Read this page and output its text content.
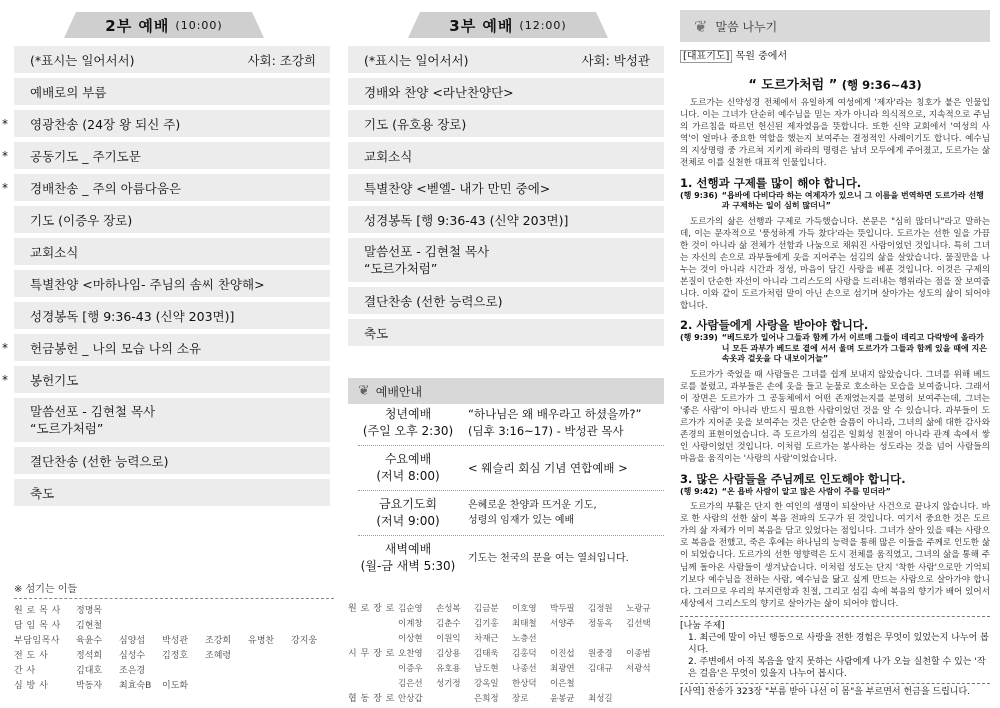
2부 예배 (10:00)
(*표시는 일어서서)	사회: 조강희
예배로의 부름
* 영광찬송 (24장 왕 되신 주)
* 공동기도 _ 주기도문
* 경배찬송 _ 주의 아름다움은
기도 (이증우 장로)
교회소식
특별찬양 <마하나임- 주님의 솜씨 찬양해>
성경봉독 [행 9:36-43 (신약 203면)]
* 헌금봉헌 _ 나의 모습 나의 소유
* 봉헌기도
말씀선포 - 김현철 목사
“도르가처럼”
결단찬송 (선한 능력으로)
축도
※ 섬기는 이들
원 로 목 사	정명목
담 임 목 사	김현철
부담임목사	육윤수	심양섭	박성관	조강희	유병찬	강지웅
전 도 사	정석희	심성수	김정호	조혜령
간 사	김대호	조은경
심 방 사	박동자	최효숙B	이도화
3부 예배 (12:00)
(*표시는 일어서서)	사회: 박성관
경배와 찬양 <라난찬양단>
기도 (유호용 장로)
교회소식
특별찬양 <벧엘- 내가 만민 중에>
성경봉독 [행 9:36-43 (신약 203면)]
말씀선포 - 김현철 목사
“도르가처럼”
결단찬송 (선한 능력으로)
축도
❦ 예배안내
청년예배
(주일 오후 2:30)
“하나님은 왜 배우라고 하셨을까?”
(딤후 3:16~17) - 박성관 목사
수요예배
(저녁 8:00)
< 웨슬리 회심 기념 연합예배 >
금요기도회
(저녁 9:00)
은혜로운 찬양과 뜨거운 기도,
성령의 임재가 있는 예배
새벽예배
(월-금 새벽 5:30)
기도는 천국의 문을 여는 열쇠입니다.
원 로 장 로 김순영	손성복	김금분	이호영	박두필	김정원	노광규
이계창	김춘수	김기홍	최태철	서양주	정동옥	김선택
이상현	이원익	차재근	노층선
시 무 장 로 오찬영	김상용	김태욱	김홍덕	이진섭	원중경	이종범
이증우	유호용	남도현	나종선	최광연	김대규	서광석
김은선	성기정	강옥일	한상덕	이은철
협 동 장 로 안상갑	은희정	장로	윤봉균	최성길
❦ 말씀 나누기
[대표기도] 목원 중에서
“ 도르가처럼 ” (행 9:36~43)
도르가는 신약성경 전체에서 유일하게 여성에게 '제자'라는 칭호가 붙은 인물입니다. 이는 그녀가 단순히 예수님을 믿는 자가 아니라 의식적으로, 지속적으로 주님의 가르침을 따르던 헌신된 제자였음을 뜻합니다. 또한 신약 교회에서 '여성의 사역'이 얼마나 중요한 역할을 했는지 보여주는 결정적인 사례이기도 합니다. 예수님의 지상명령 중 가르쳐 지키게 하라의 명령은 남녀 모두에게 주어졌고, 도르가는 삶 전체로 이를 실천한 대표적 인물입니다.
1. 선행과 구제를 많이 해야 합니다.
(행 9:36) “욥바에 다비다라 하는 여제자가 있으니 그 이름을 번역하면 도르가라 선행과 구제하는 일이 심히 많더니”
도르가의 삶은 선행과 구제로 가득했습니다. 본문은 "심히 많더니"라고 말하는데, 이는 문자적으로 '풍성하게 가득 찼다'라는 뜻입니다. 도르가는 선한 일을 가끔 한 것이 아니라 삶 전체가 선함과 나눔으로 채워진 사람이었던 것입니다. 특히 그녀는 자신의 손으로 과부들에게 옷을 지어주는 섬김의 삶을 살았습니다. 물질만을 나누는 것이 아니라 시간과 정성, 마음이 담긴 사랑을 베푼 것입니다. 이것은 구제의 본질이 단순한 자선이 아니라 그리스도의 사랑을 드러내는 행위라는 점을 잘 보여줍니다. 이와 같이 도르가처럼 말이 아닌 손으로 섬기며 살아가는 성도의 삶이 되어야 합니다.
2. 사람들에게 사랑을 받아야 합니다.
(행 9:39) “베드로가 일어나 그들과 함께 가서 이르매 그들이 데리고 다락방에 올라가니 모든 과부가 베드로 곁에 서서 울며 도르가가 그들과 함께 있을 때에 지은 속옷과 겉옷을 다 내보이거늘”
도르가가 죽었을 때 사람들은 그녀를 쉽게 보내지 않았습니다. 그녀를 위해 베드로를 불렀고, 과부들은 손에 옷을 들고 눈물로 호소하는 모습을 보여줍니다. 그래서 이 장면은 도르가가 그 공동체에서 어떤 존재였는지를 분명히 보여주는데, 그녀는 '좋은 사람'이 아니라 반드시 필요한 사람이었던 것을 알 수 있습니다. 과부들이 도르가가 지어준 옷을 보여주는 것은 단순한 슬픔이 아니라, 그녀의 삶에 대한 감사와 존경의 표현이었습니다. 즉 도르가의 섬김은 일회성 친절이 아니라 관계 속에서 쌓인 사랑이었던 것입니다. 이처럼 도르가는 봉사하는 성도라는 것을 넘어 사람들의 마음을 움직이는 '사랑의 사람'이었습니다.
3. 많은 사람들을 주님께로 인도해야 합니다.
(행 9:42) “온 욥바 사람이 알고 많은 사람이 주를 믿더라”
도르가의 부활은 단지 한 여인의 생명이 되살아난 사건으로 끝나지 않습니다. 바로 한 사람의 선한 삶이 복음 전파의 도구가 된 것입니다. 여기서 중요한 것은 도르가의 삶 자체가 이미 복음을 담고 있었다는 점입니다. 그녀가 살아 있을 때는 사랑으로 복음을 전했고, 죽은 후에는 하나님의 능력을 통해 많은 이들을 주께로 인도한 삶이 되었습니다. 도르가의 선한 영향력은 도시 전체를 움직였고, 그녀의 삶을 통해 주님께 돌아온 사람들이 생겨났습니다. 이처럼 성도는 단지 '착한 사람'으로만 기억되기보다 예수님을 전하는 사람, 예수님을 닮고 싶게 만드는 사람으로 살아가야 합니다. 그러므로 우리의 부지런함과 친절, 그리고 섬김 속에 복음의 향기가 배어 있어서 세상에서 그리스도의 향기로 살아가는 삶이 되어야 합니다.
[나눔 주제]
1. 최근에 말이 아닌 행동으로 사랑을 전한 경험은 무엇이 있었는지 나누어 봅시다.
2. 주변에서 아직 복음을 알지 못하는 사람에게 나가 오늘 실천할 수 있는 '작은 걸음'은 무엇이 있을지 나누어 봅시다.
[사역] 찬송가 323장 "부름 받아 나선 이 몸"을 부르면서 헌금을 드립니다.
